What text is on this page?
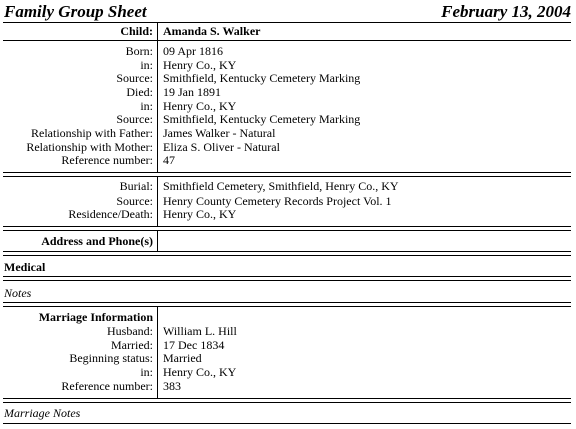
Family Group Sheet	February 13, 2004
Child: Amanda S. Walker
Born: 09 Apr 1816
in: Henry Co., KY
Source: Smithfield, Kentucky Cemetery Marking
Died: 19 Jan 1891
in: Henry Co., KY
Source: Smithfield, Kentucky Cemetery Marking
Relationship with Father: James Walker - Natural
Relationship with Mother: Eliza S. Oliver - Natural
Reference number: 47
Burial: Smithfield Cemetery, Smithfield, Henry Co., KY
Source: Henry County Cemetery Records Project Vol. 1
Residence/Death: Henry Co., KY
Address and Phone(s)
Medical
Notes
Marriage Information
Husband: William L. Hill
Married: 17 Dec 1834
Beginning status: Married
in: Henry Co., KY
Reference number: 383
Marriage Notes
